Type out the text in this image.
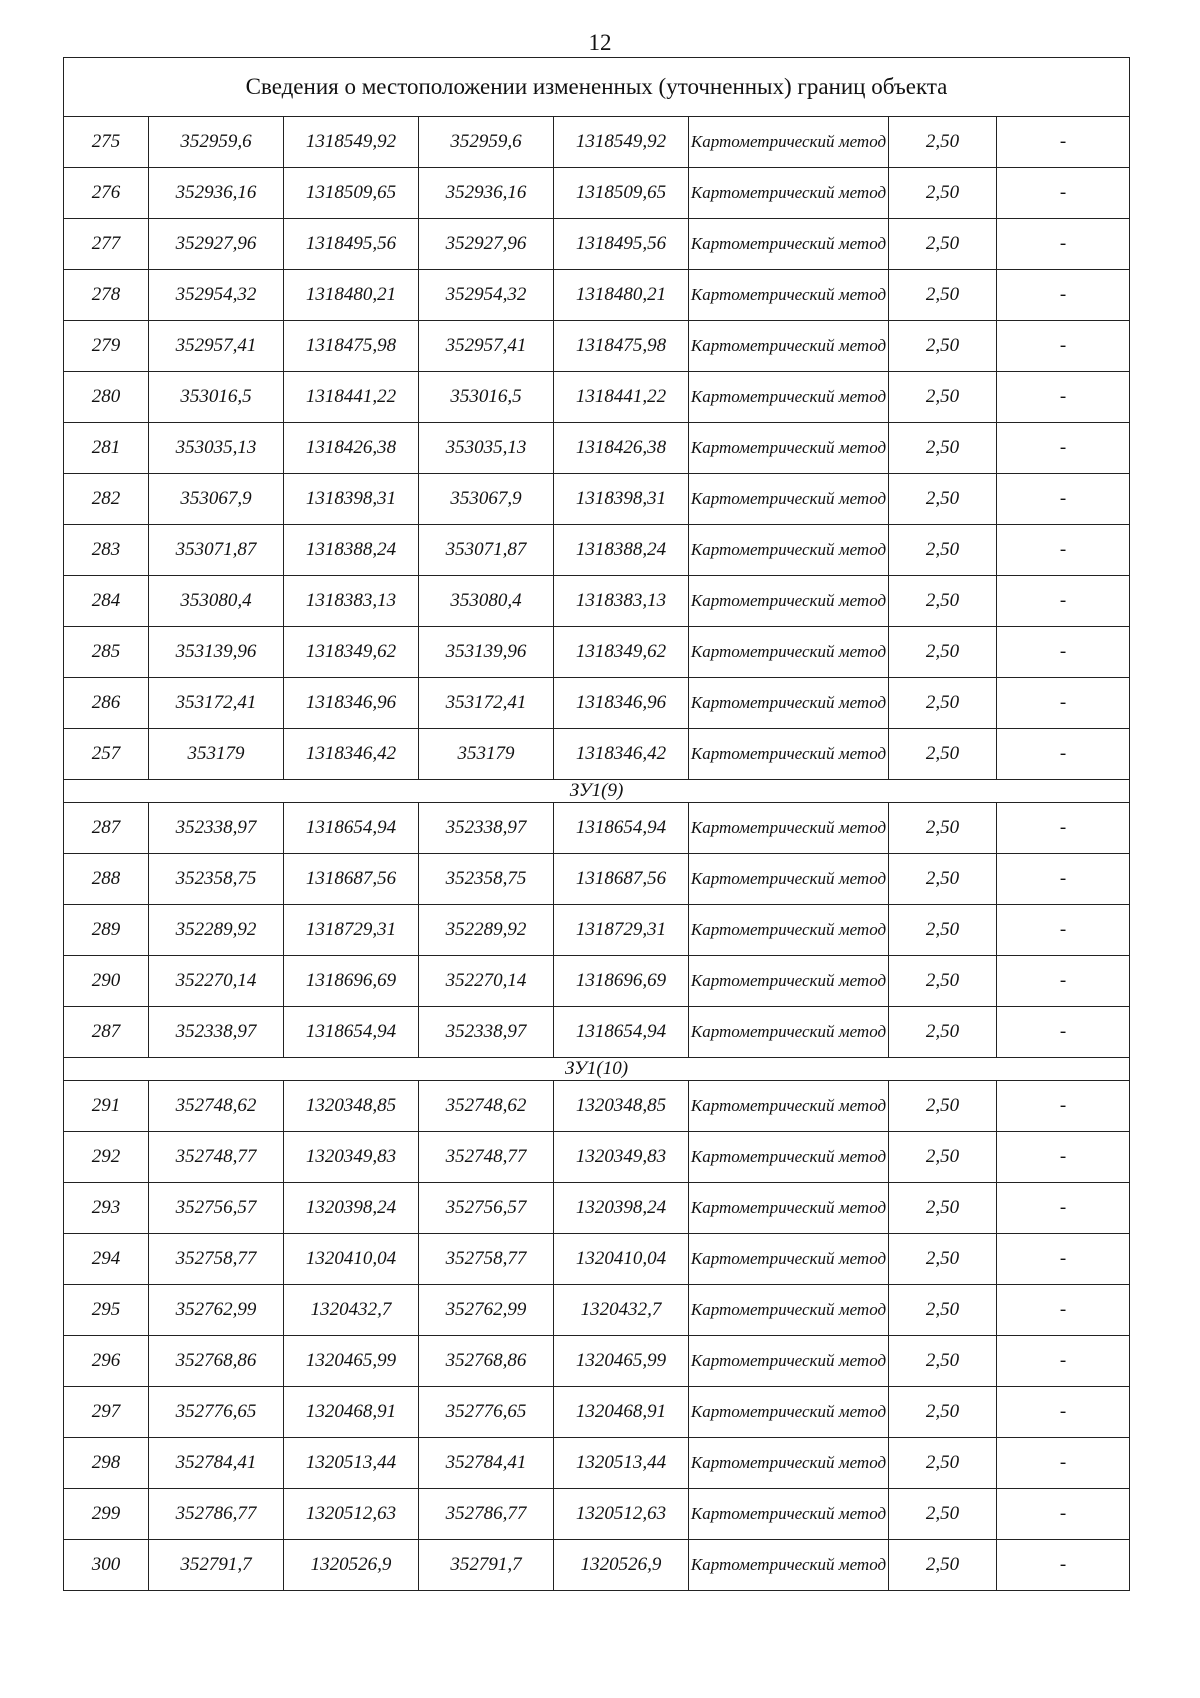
12
Сведения о местоположении измененных (уточненных) границ объекта							
275	352959,6	1318549,92	352959,6	1318549,92	Картометрический метод	2,50	-
276	352936,16	1318509,65	352936,16	1318509,65	Картометрический метод	2,50	-
277	352927,96	1318495,56	352927,96	1318495,56	Картометрический метод	2,50	-
278	352954,32	1318480,21	352954,32	1318480,21	Картометрический метод	2,50	-
279	352957,41	1318475,98	352957,41	1318475,98	Картометрический метод	2,50	-
280	353016,5	1318441,22	353016,5	1318441,22	Картометрический метод	2,50	-
281	353035,13	1318426,38	353035,13	1318426,38	Картометрический метод	2,50	-
282	353067,9	1318398,31	353067,9	1318398,31	Картометрический метод	2,50	-
283	353071,87	1318388,24	353071,87	1318388,24	Картометрический метод	2,50	-
284	353080,4	1318383,13	353080,4	1318383,13	Картометрический метод	2,50	-
285	353139,96	1318349,62	353139,96	1318349,62	Картометрический метод	2,50	-
286	353172,41	1318346,96	353172,41	1318346,96	Картометрический метод	2,50	-
257	353179	1318346,42	353179	1318346,42	Картометрический метод	2,50	-
ЗУ1(9)							
287	352338,97	1318654,94	352338,97	1318654,94	Картометрический метод	2,50	-
288	352358,75	1318687,56	352358,75	1318687,56	Картометрический метод	2,50	-
289	352289,92	1318729,31	352289,92	1318729,31	Картометрический метод	2,50	-
290	352270,14	1318696,69	352270,14	1318696,69	Картометрический метод	2,50	-
287	352338,97	1318654,94	352338,97	1318654,94	Картометрический метод	2,50	-
ЗУ1(10)							
291	352748,62	1320348,85	352748,62	1320348,85	Картометрический метод	2,50	-
292	352748,77	1320349,83	352748,77	1320349,83	Картометрический метод	2,50	-
293	352756,57	1320398,24	352756,57	1320398,24	Картометрический метод	2,50	-
294	352758,77	1320410,04	352758,77	1320410,04	Картометрический метод	2,50	-
295	352762,99	1320432,7	352762,99	1320432,7	Картометрический метод	2,50	-
296	352768,86	1320465,99	352768,86	1320465,99	Картометрический метод	2,50	-
297	352776,65	1320468,91	352776,65	1320468,91	Картометрический метод	2,50	-
298	352784,41	1320513,44	352784,41	1320513,44	Картометрический метод	2,50	-
299	352786,77	1320512,63	352786,77	1320512,63	Картометрический метод	2,50	-
300	352791,7	1320526,9	352791,7	1320526,9	Картометрический метод	2,50	-
